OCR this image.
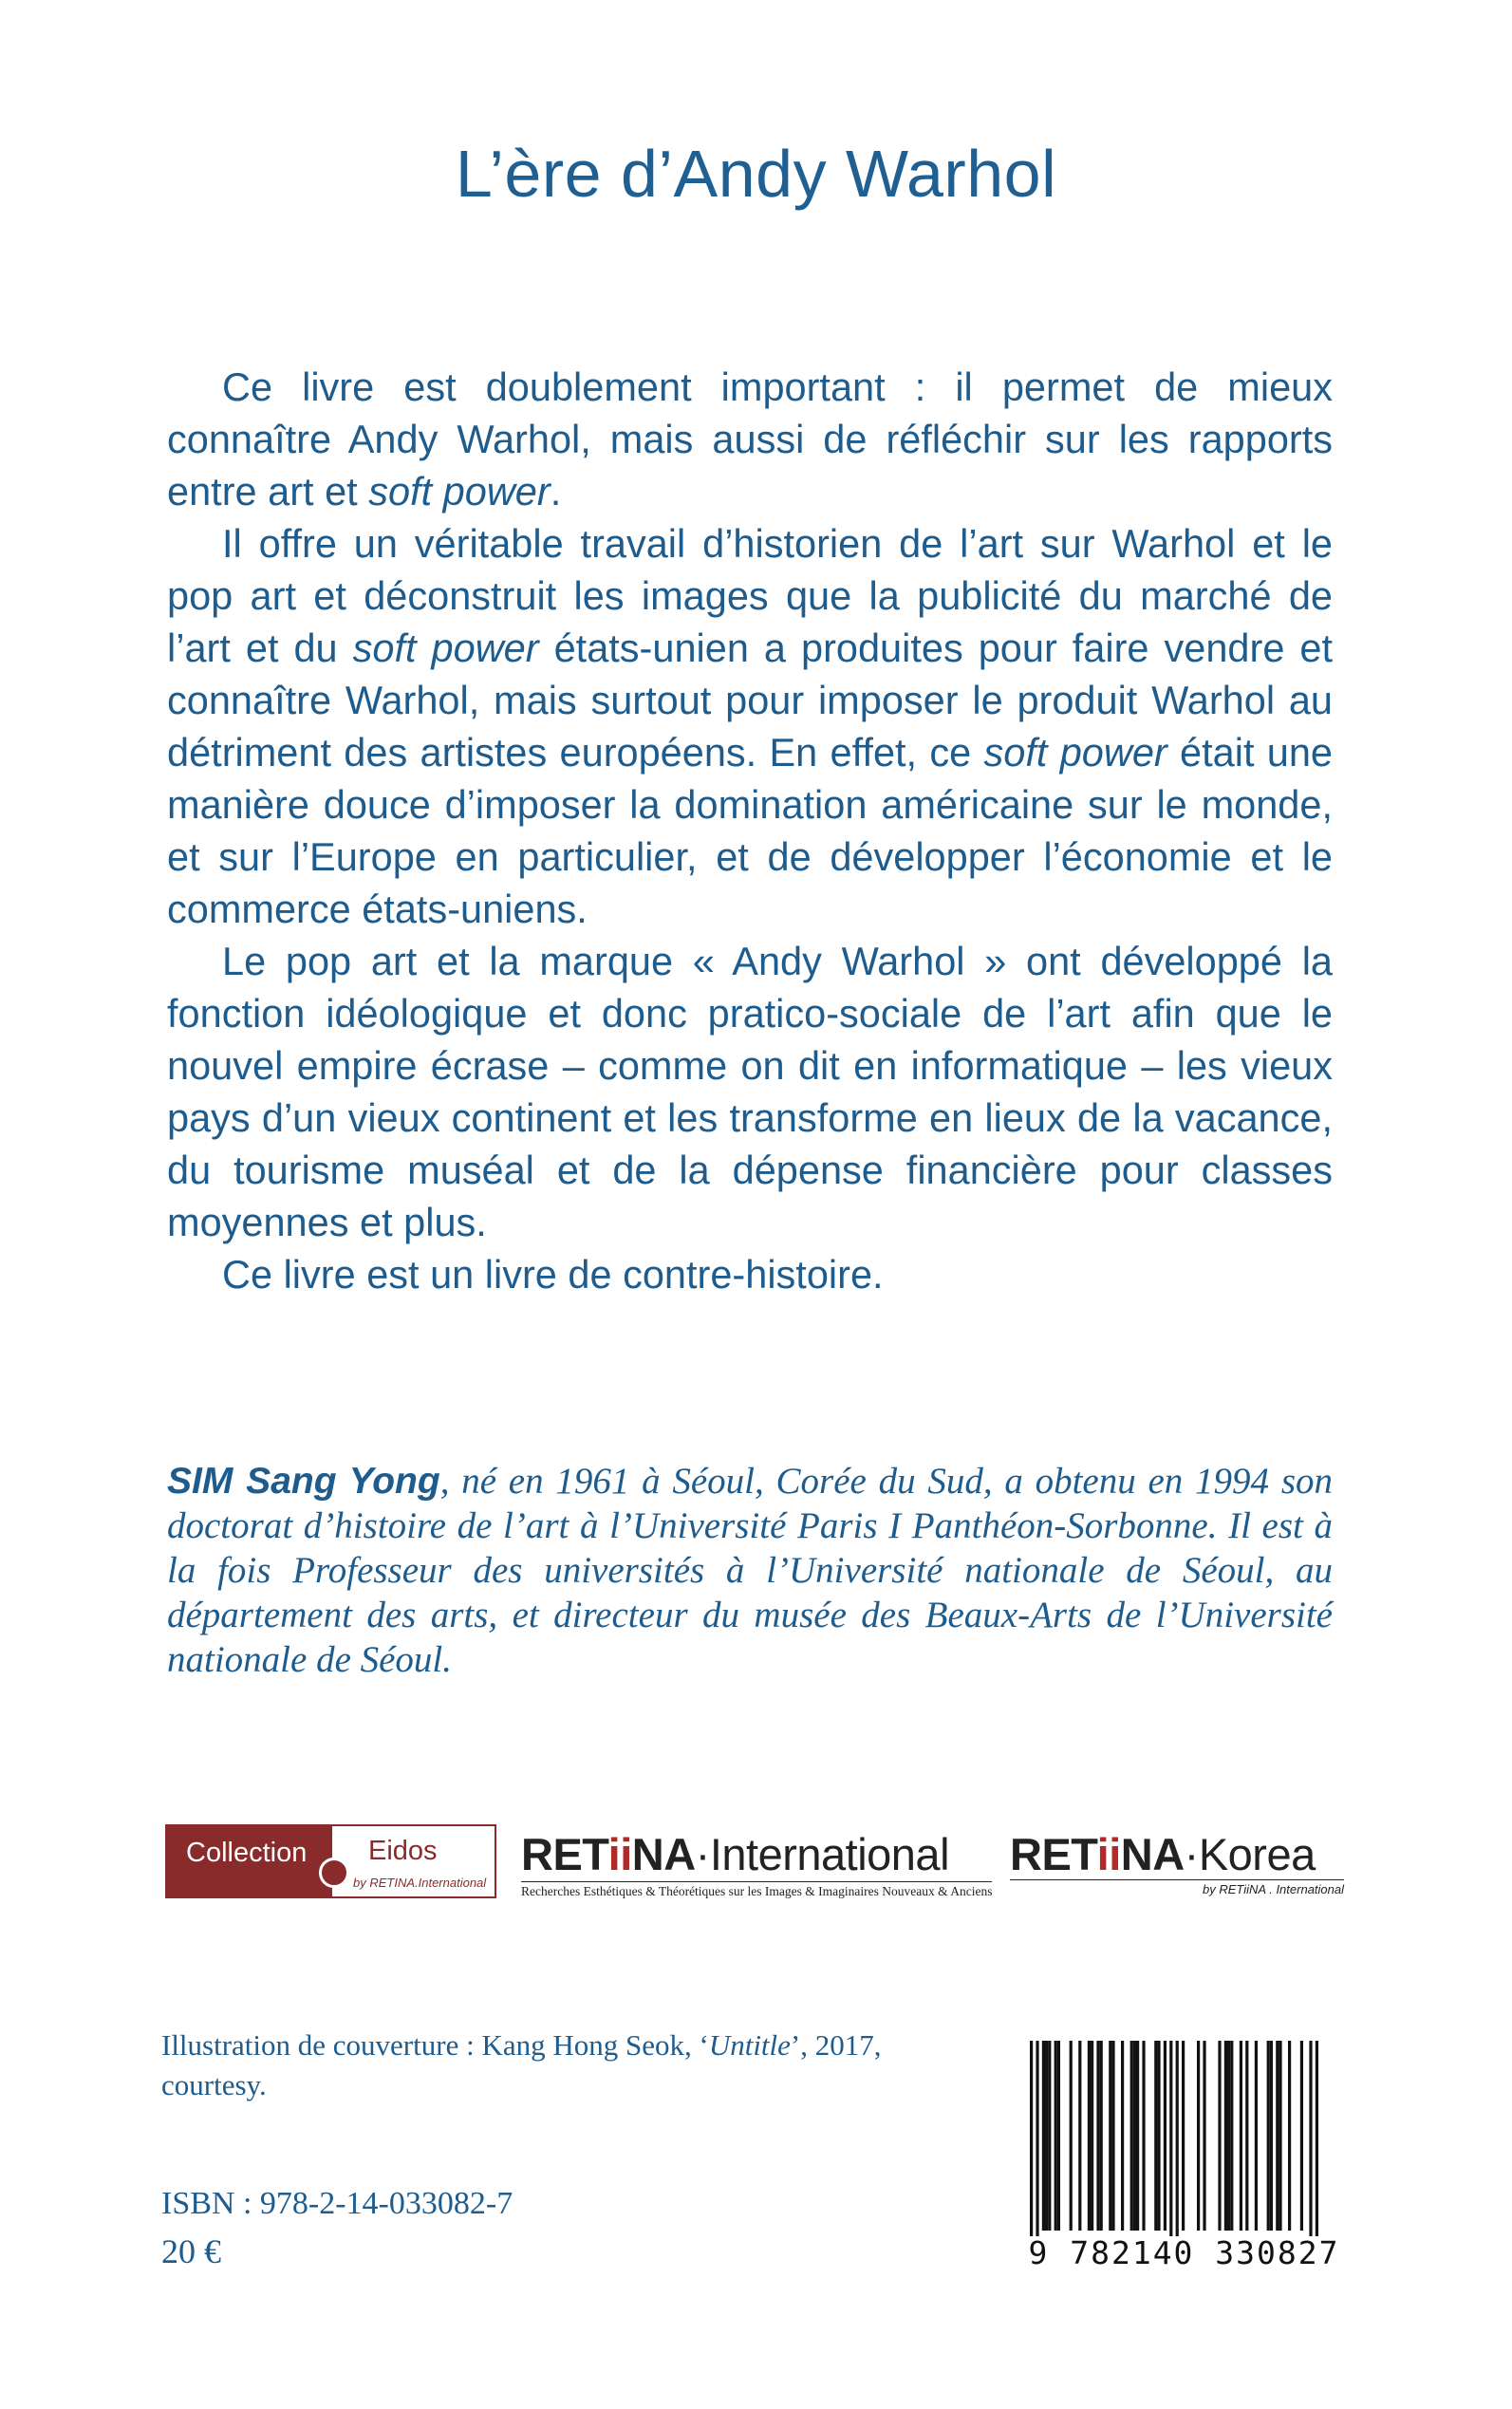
L’ère d’Andy Warhol

Ce livre est doublement important : il permet de mieux connaître Andy Warhol, mais aussi de réfléchir sur les rapports entre art et soft power.

Il offre un véritable travail d’historien de l’art sur Warhol et le pop art et déconstruit les images que la publicité du marché de l’art et du soft power états-unien a produites pour faire vendre et connaître Warhol, mais surtout pour imposer le produit Warhol au détriment des artistes européens. En effet, ce soft power était une manière douce d’imposer la domination américaine sur le monde, et sur l’Europe en particulier, et de développer l’économie et le commerce états-uniens.

Le pop art et la marque « Andy Warhol » ont développé la fonction idéologique et donc pratico-sociale de l’art afin que le nouvel empire écrase – comme on dit en informatique – les vieux pays d’un vieux continent et les transforme en lieux de la vacance, du tourisme muséal et de la dépense financière pour classes moyennes et plus.

Ce livre est un livre de contre-histoire.

SIM Sang Yong, né en 1961 à Séoul, Corée du Sud, a obtenu en 1994 son doctorat d’histoire de l’art à l’Université Paris I Panthéon-Sorbonne. Il est à la fois Professeur des universités à l’Université nationale de Séoul, au département des arts, et directeur du musée des Beaux-Arts de l’Université nationale de Séoul.
Collection Eidos
by RETINA.International
RETiiNA·International
Recherches Esthétiques & Théorétiques sur les Images & Imaginaires Nouveaux & Anciens
RETiiNA·Korea
by RETiiNA . International
Illustration de couverture : Kang Hong Seok, ‘Untitle’, 2017, courtesy.
ISBN : 978-2-14-033082-7
20 €	9 782140 330827
